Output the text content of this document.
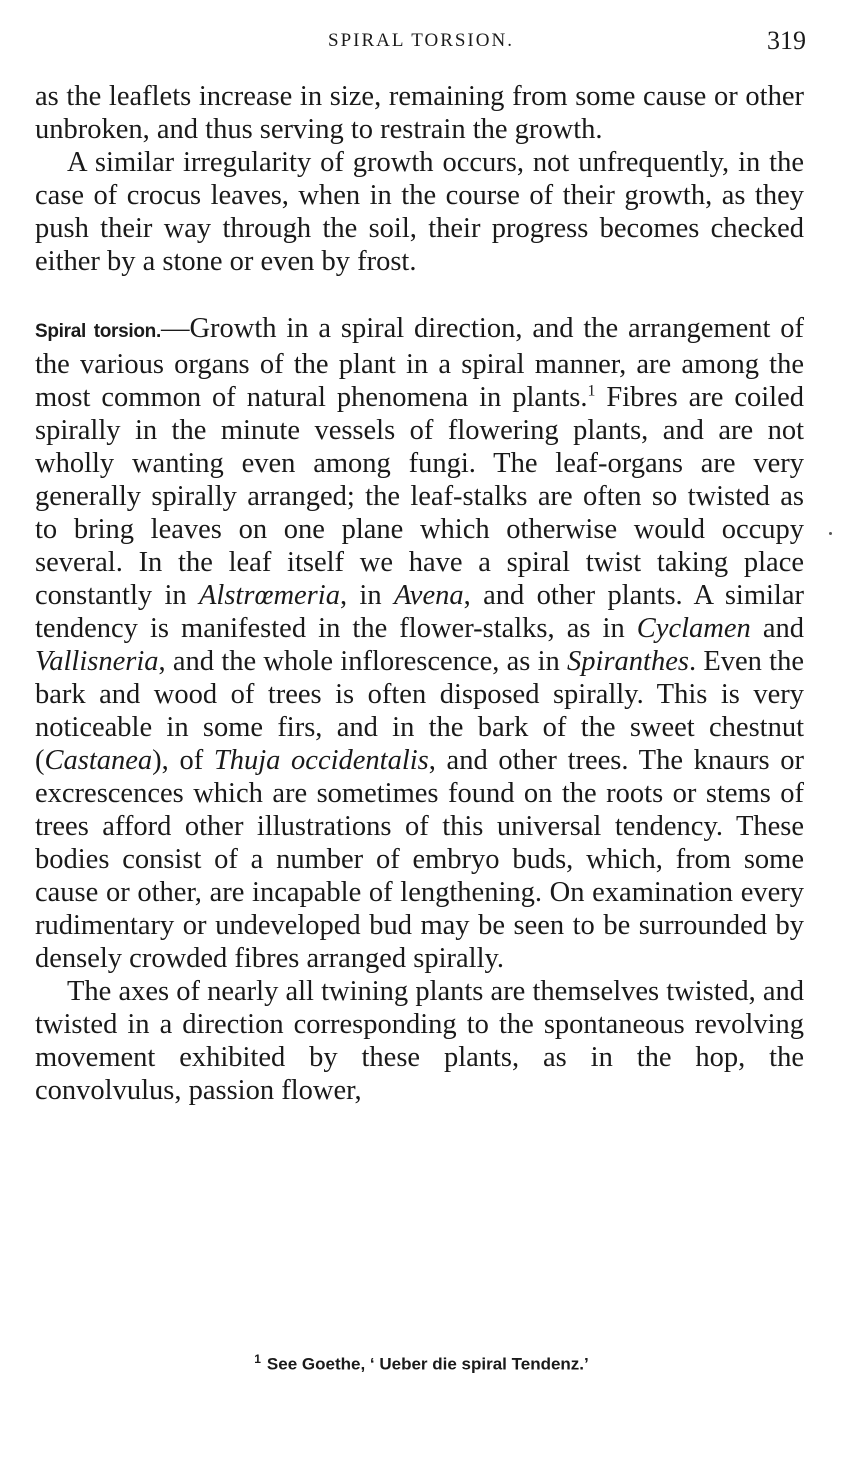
SPIRAL TORSION.	319

as the leaflets increase in size, remaining from some cause or other unbroken, and thus serving to restrain the growth.

A similar irregularity of growth occurs, not unfrequently, in the case of crocus leaves, when in the course of their growth, as they push their way through the soil, their progress becomes checked either by a stone or even by frost.

Spiral torsion.—Growth in a spiral direction, and the arrangement of the various organs of the plant in a spiral manner, are among the most common of natural phenomena in plants.$^1$ Fibres are coiled spirally in the minute vessels of flowering plants, and are not wholly wanting even among fungi. The leaf-organs are very generally spirally arranged; the leaf-stalks are often so twisted as to bring leaves on one plane which otherwise would occupy several. In the leaf itself we have a spiral twist taking place constantly in Alstrœmeria, in Avena, and other plants. A similar tendency is manifested in the flower-stalks, as in Cyclamen and Vallisneria, and the whole inflorescence, as in Spiranthes. Even the bark and wood of trees is often disposed spirally. This is very noticeable in some firs, and in the bark of the sweet chestnut (Castanea), of Thuja occidentalis, and other trees. The knaurs or excrescences which are sometimes found on the roots or stems of trees afford other illustrations of this universal tendency. These bodies consist of a number of embryo buds, which, from some cause or other, are incapable of lengthening. On examination every rudimentary or undeveloped bud may be seen to be surrounded by densely crowded fibres arranged spirally.

The axes of nearly all twining plants are themselves twisted, and twisted in a direction corresponding to the spontaneous revolving movement exhibited by these plants, as in the hop, the convolvulus, passion flower,

$^1$ See Goethe, ‘ Ueber die spiral Tendenz.’
